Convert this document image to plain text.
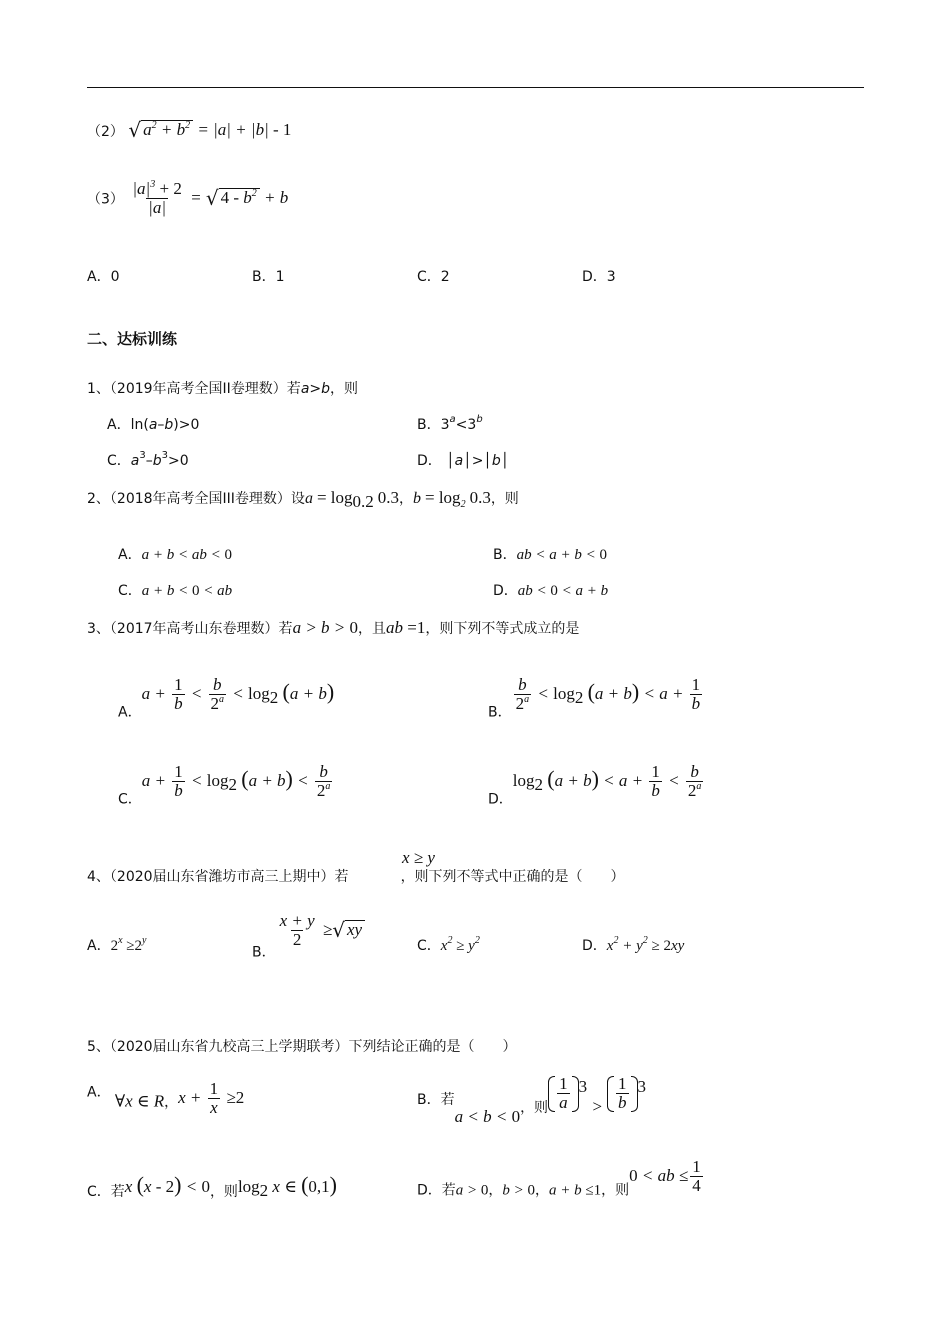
（2） √ $a^2 + b^2 = |a| + |b| - 1$
$(3) \frac{|a|^3 + 2}{|a|}$ = √ $4 - b^2 + b$
A．0	B．1	C．2	D．3
二、达标训练
1、（2019年高考全国II卷理数）若a>b，则
A．ln(a–b)>0	B．$3^a<3^b$
C．$a^3-b^3>0$	D． │a│>│b│
2、（2018年高考全国III卷理数）设$a = \log_{0.2} 0.3$，$b = \log_2 0.3$，则
A．a + b < ab < 0	B．ab < a + b < 0
C．a + b < 0 < ab	D．ab < 0 < a + b
3、（2017年高考山东卷理数）若a > b > 0，且ab =1，则下列不等式成立的是
A．$a + \frac{1}{b} < \frac{b}{2^a} < \log_2 (a + b)$
B． $\frac{b}{2^a} < \log_2 (a + b) < a + \frac{1}{b}$
C．$a + \frac{1}{b} < \log_2 (a + b) < \frac{b}{2^a}$	D．$\log_2 (a + b) < a + \frac{1}{b} < \frac{b}{2^a}$
x ≥ y
4、（2020届山东省潍坊市高三上期中）若	，则下列不等式中正确的是（　　）
A．$2^x \ge 2^y$
B．
$\frac{x + y}{2}$ ≥√ xy
C．$x^2 \ge y^2$	D．$x^2 + y^2 \ge 2xy$
5、（2020届山东省九校高三上学期联考）下列结论正确的是（　　）
A． ∀x ∈ R，$x + \frac{1}{x} \ge 2$	B．若a < b < 0，则 $\frac{1}{a} ^3 > \frac{1}{b} ^3$
C．若x (x - 2) < 0，则$\log_2 x$ ∈ (0,1)	D．若a > 0，b > 0，a + b ≤1，则0 < ab ≤ $\frac{1}{4}$
